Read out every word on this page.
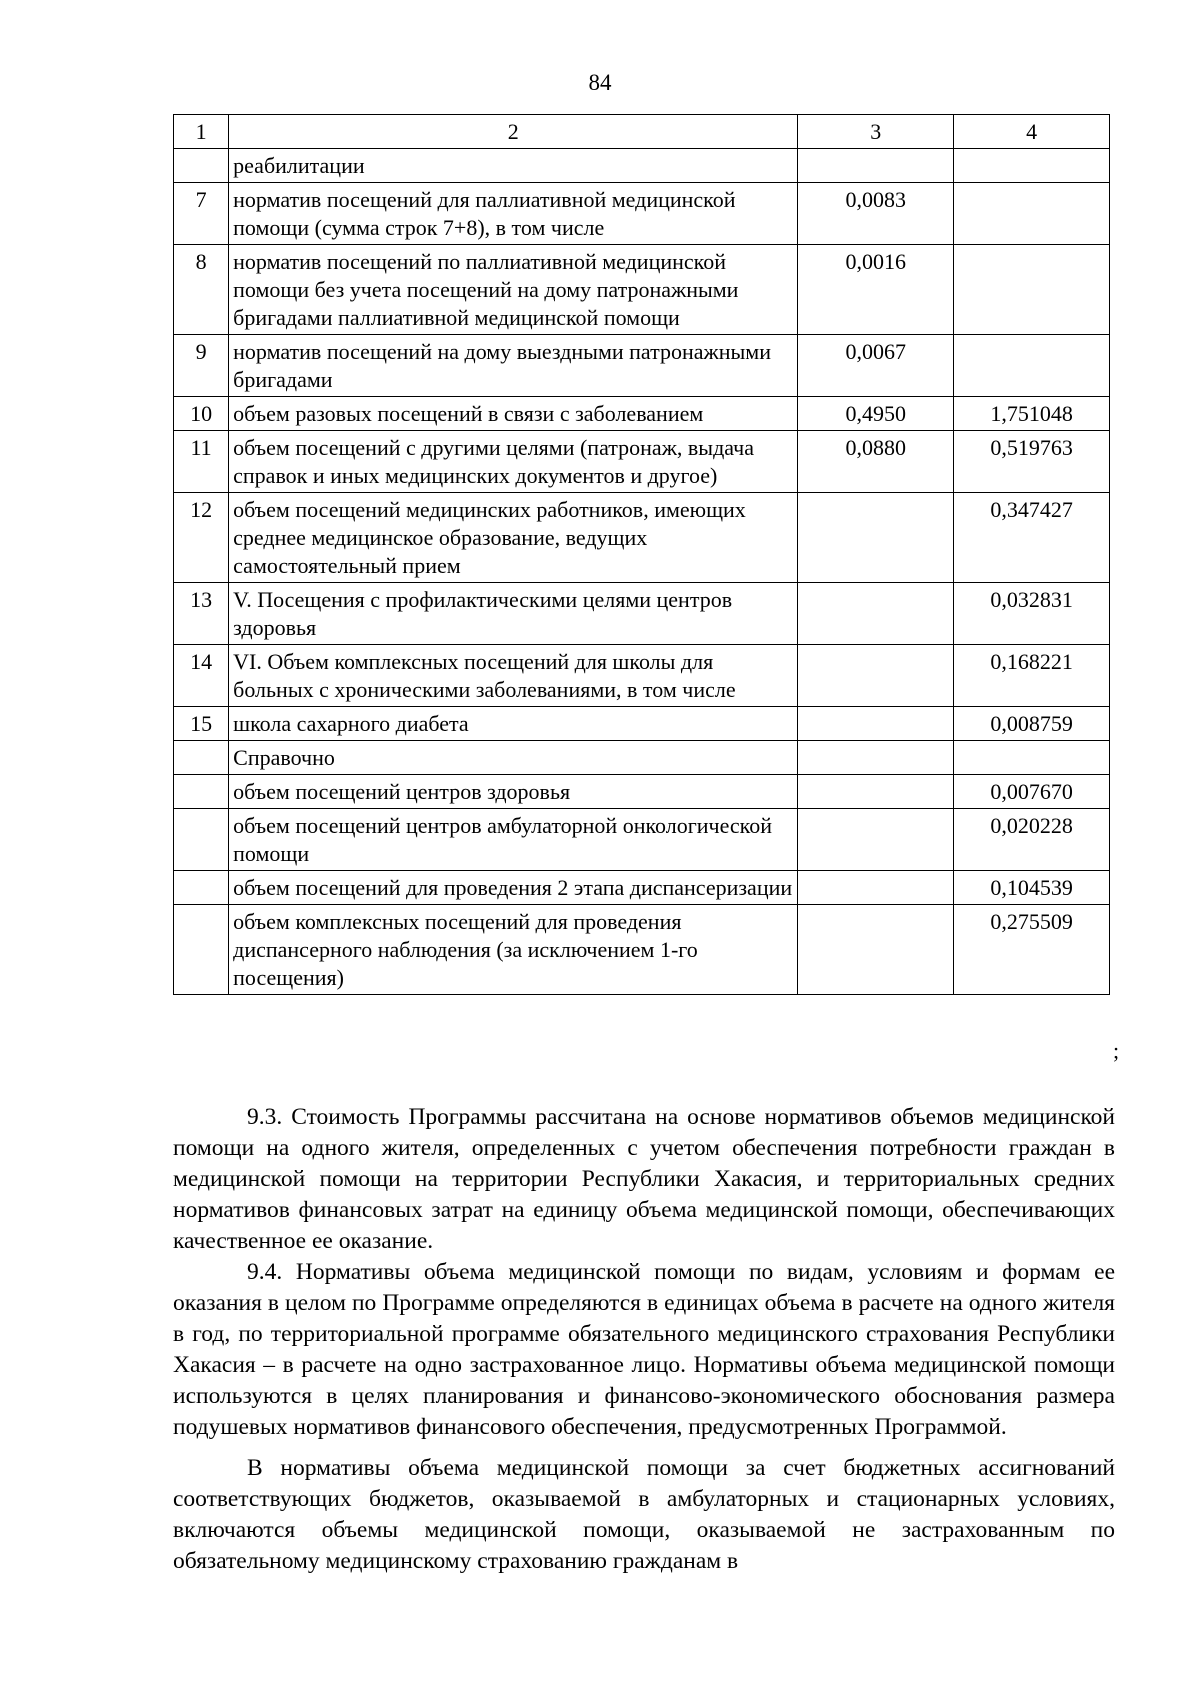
84
1	2	3	4
	реабилитации		
7	норматив посещений для паллиативной медицинской помощи (сумма строк 7+8), в том числе	0,0083	
8	норматив посещений по паллиативной медицинской помощи без учета посещений на дому патронажными бригадами паллиативной медицинской помощи	0,0016	
9	норматив посещений на дому выездными патронажными бригадами	0,0067	
10	объем разовых посещений в связи с заболеванием	0,4950	1,751048
11	объем посещений с другими целями (патронаж, выдача справок и иных медицинских документов и другое)	0,0880	0,519763
12	объем посещений медицинских работников, имеющих среднее медицинское образование, ведущих самостоятельный прием		0,347427
13	V. Посещения с профилактическими целями центров здоровья		0,032831
14	VI. Объем комплексных посещений для школы для больных с хроническими заболеваниями, в том числе		0,168221
15	школа сахарного диабета		0,008759
	Справочно		
	объем посещений центров здоровья		0,007670
	объем посещений центров амбулаторной онкологической помощи		0,020228
	объем посещений для проведения 2 этапа диспансеризации		0,104539
	объем комплексных посещений для проведения диспансерного наблюдения (за исключением 1-го посещения)		0,275509
;

9.3. Стоимость Программы рассчитана на основе нормативов объемов медицинской помощи на одного жителя, определенных с учетом обеспечения потребности граждан в медицинской помощи на территории Республики Хакасия, и территориальных средних нормативов финансовых затрат на единицу объема медицинской помощи, обеспечивающих качественное ее оказание.

9.4. Нормативы объема медицинской помощи по видам, условиям и формам ее оказания в целом по Программе определяются в единицах объема в расчете на одного жителя в год, по территориальной программе обязательного медицинского страхования Республики Хакасия – в расчете на одно застрахованное лицо. Нормативы объема медицинской помощи используются в целях планирования и финансово-экономического обоснования размера подушевых нормативов финансового обеспечения, предусмотренных Программой.

В нормативы объема медицинской помощи за счет бюджетных ассигнований соответствующих бюджетов, оказываемой в амбулаторных и стационарных условиях, включаются объемы медицинской помощи, оказываемой не застрахованным по обязательному медицинскому страхованию гражданам в
